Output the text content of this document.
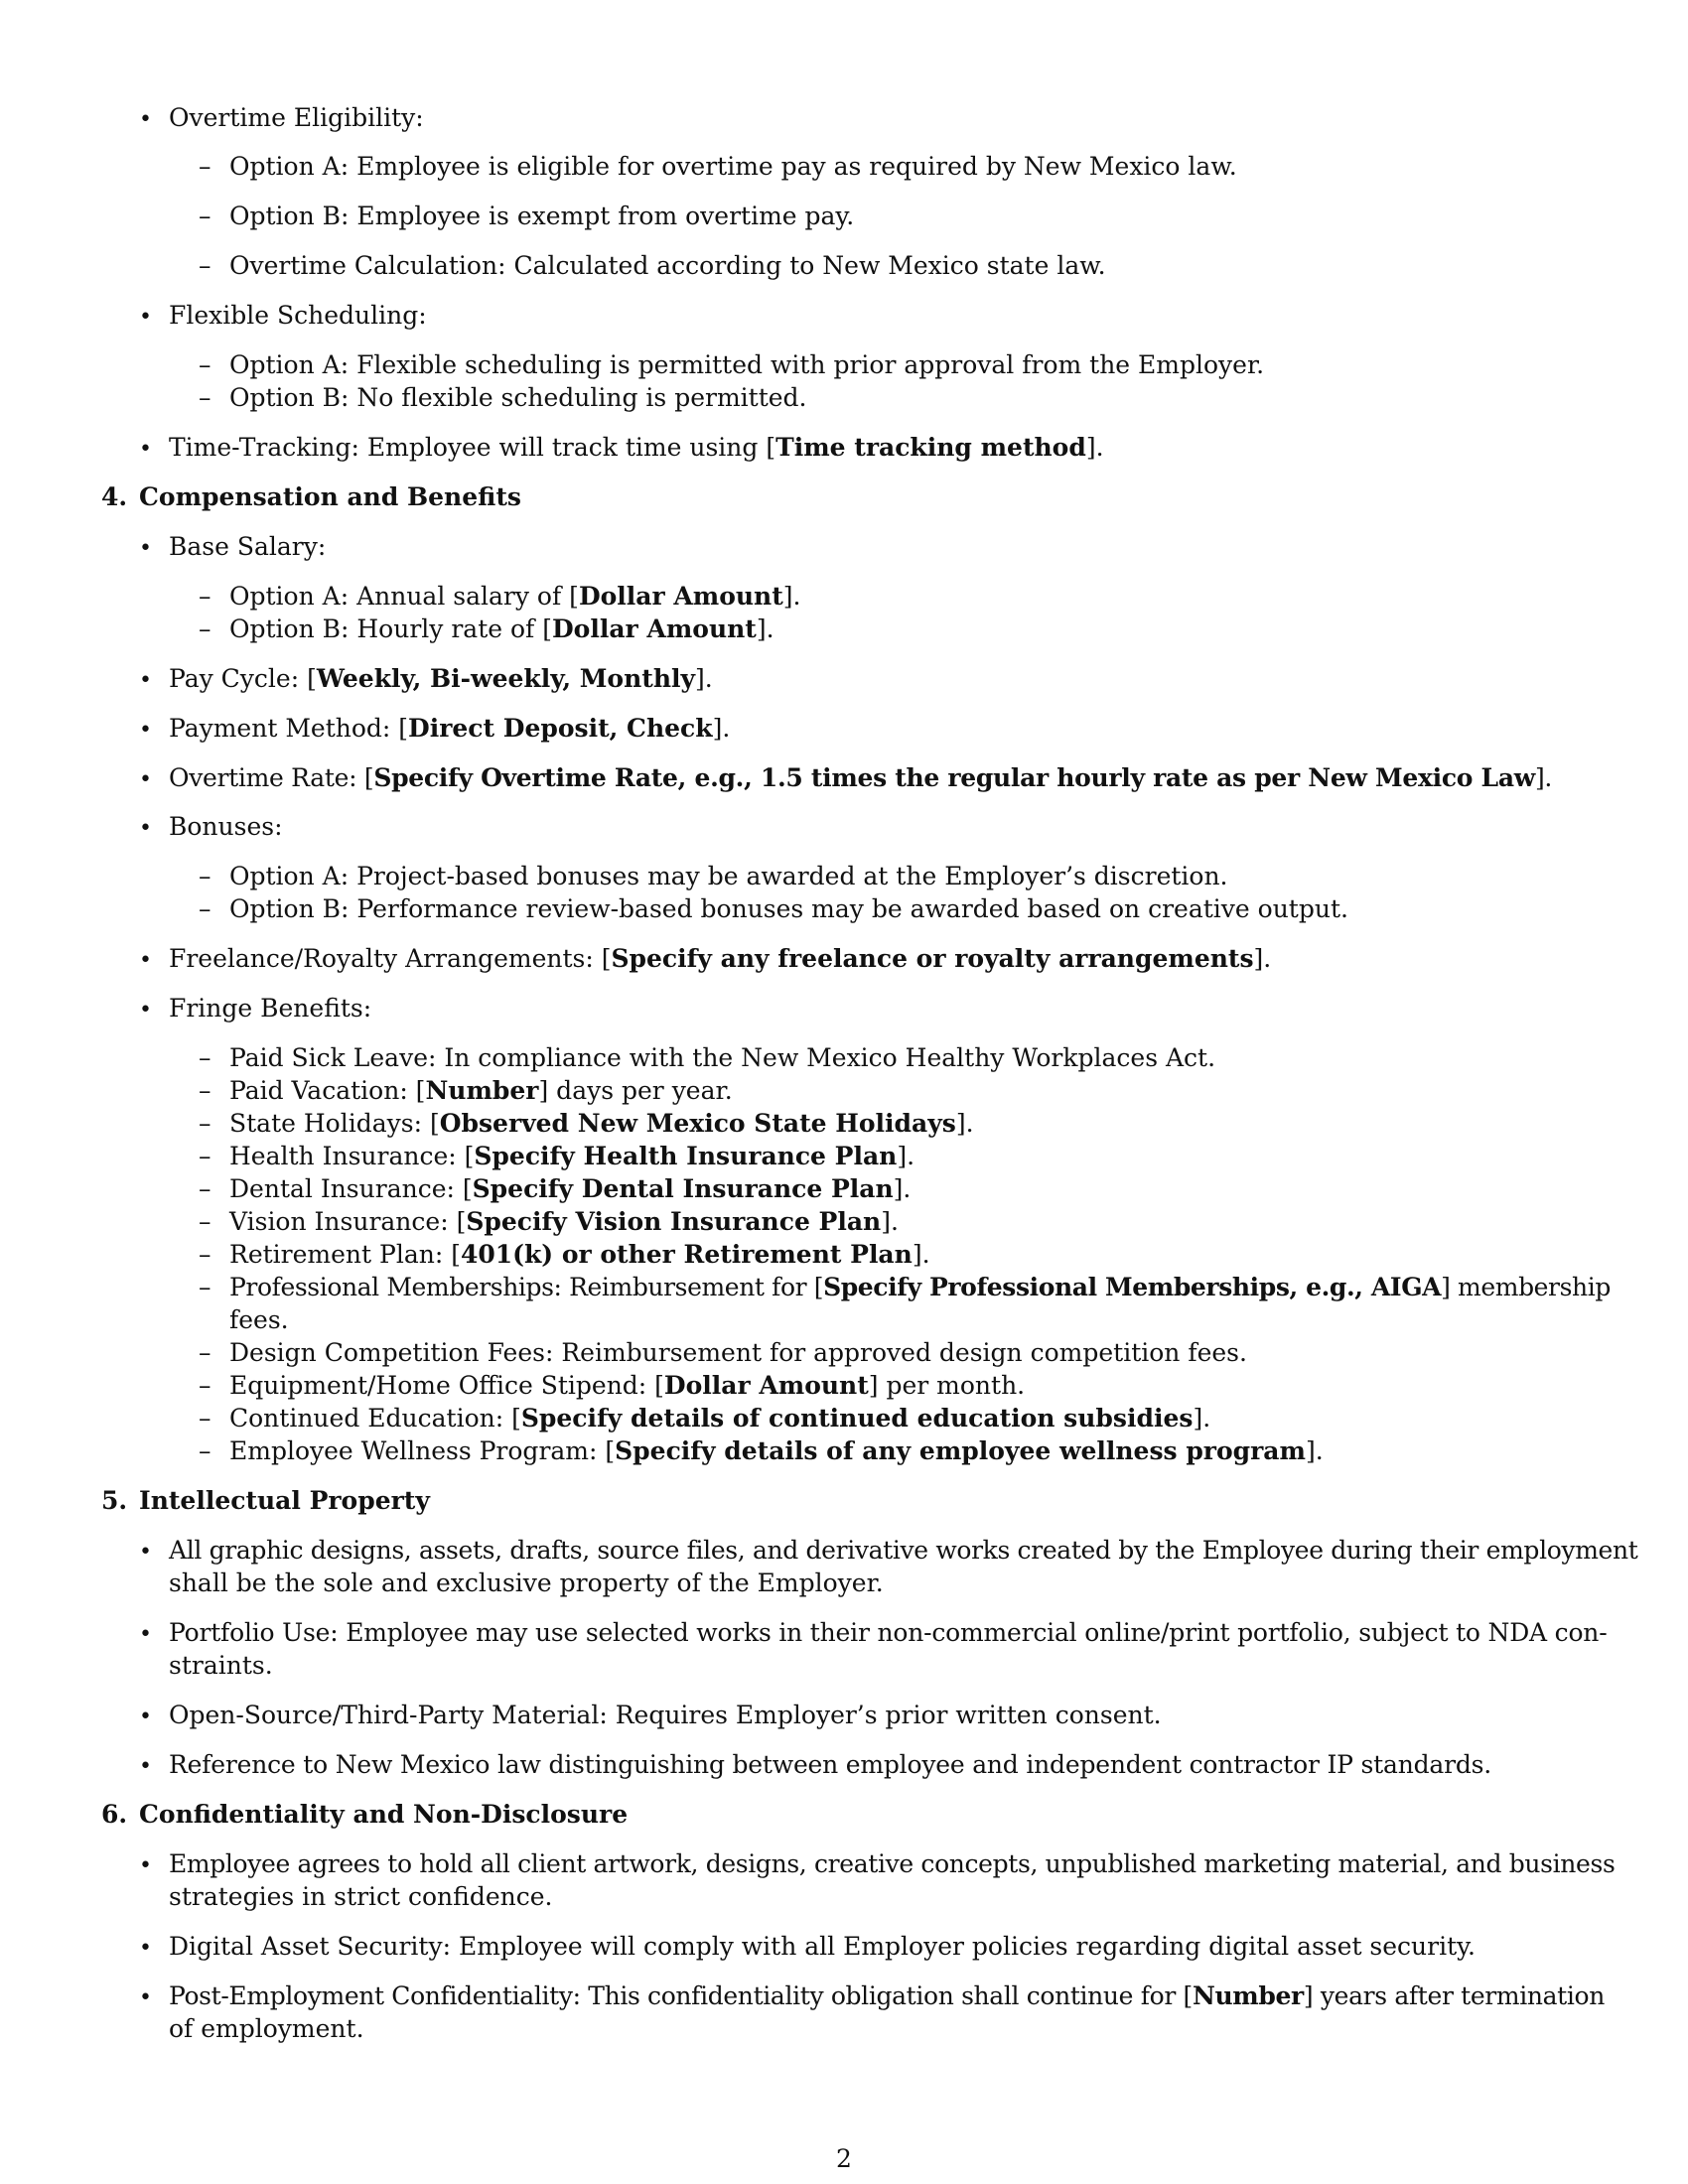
• Overtime Eligibility:
– Option A: Employee is eligible for overtime pay as required by New Mexico law.
– Option B: Employee is exempt from overtime pay.
– Overtime Calculation: Calculated according to New Mexico state law.
• Flexible Scheduling:
– Option A: Flexible scheduling is permitted with prior approval from the Employer.
– Option B: No flexible scheduling is permitted.
• Time-Tracking: Employee will track time using [Time tracking method].
4. Compensation and Benefits
• Base Salary:
– Option A: Annual salary of [Dollar Amount].
– Option B: Hourly rate of [Dollar Amount].
• Pay Cycle: [Weekly, Bi-weekly, Monthly].
• Payment Method: [Direct Deposit, Check].
• Overtime Rate: [Specify Overtime Rate, e.g., 1.5 times the regular hourly rate as per New Mexico Law].
• Bonuses:
– Option A: Project-based bonuses may be awarded at the Employer’s discretion.
– Option B: Performance review-based bonuses may be awarded based on creative output.
• Freelance/Royalty Arrangements: [Specify any freelance or royalty arrangements].
• Fringe Benefits:
– Paid Sick Leave: In compliance with the New Mexico Healthy Workplaces Act.
– Paid Vacation: [Number] days per year.
– State Holidays: [Observed New Mexico State Holidays].
– Health Insurance: [Specify Health Insurance Plan].
– Dental Insurance: [Specify Dental Insurance Plan].
– Vision Insurance: [Specify Vision Insurance Plan].
– Retirement Plan: [401(k) or other Retirement Plan].
– Professional Memberships: Reimbursement for [Specify Professional Memberships, e.g., AIGA] membership
fees.
– Design Competition Fees: Reimbursement for approved design competition fees.
– Equipment/Home Office Stipend: [Dollar Amount] per month.
– Continued Education: [Specify details of continued education subsidies].
– Employee Wellness Program: [Specify details of any employee wellness program].
5. Intellectual Property
• All graphic designs, assets, drafts, source files, and derivative works created by the Employee during their employment
shall be the sole and exclusive property of the Employer.
• Portfolio Use: Employee may use selected works in their non-commercial online/print portfolio, subject to NDA con-
straints.
• Open-Source/Third-Party Material: Requires Employer’s prior written consent.
• Reference to New Mexico law distinguishing between employee and independent contractor IP standards.
6. Confidentiality and Non-Disclosure
• Employee agrees to hold all client artwork, designs, creative concepts, unpublished marketing material, and business
strategies in strict confidence.
• Digital Asset Security: Employee will comply with all Employer policies regarding digital asset security.
• Post-Employment Confidentiality: This confidentiality obligation shall continue for [Number] years after termination
of employment.
2
